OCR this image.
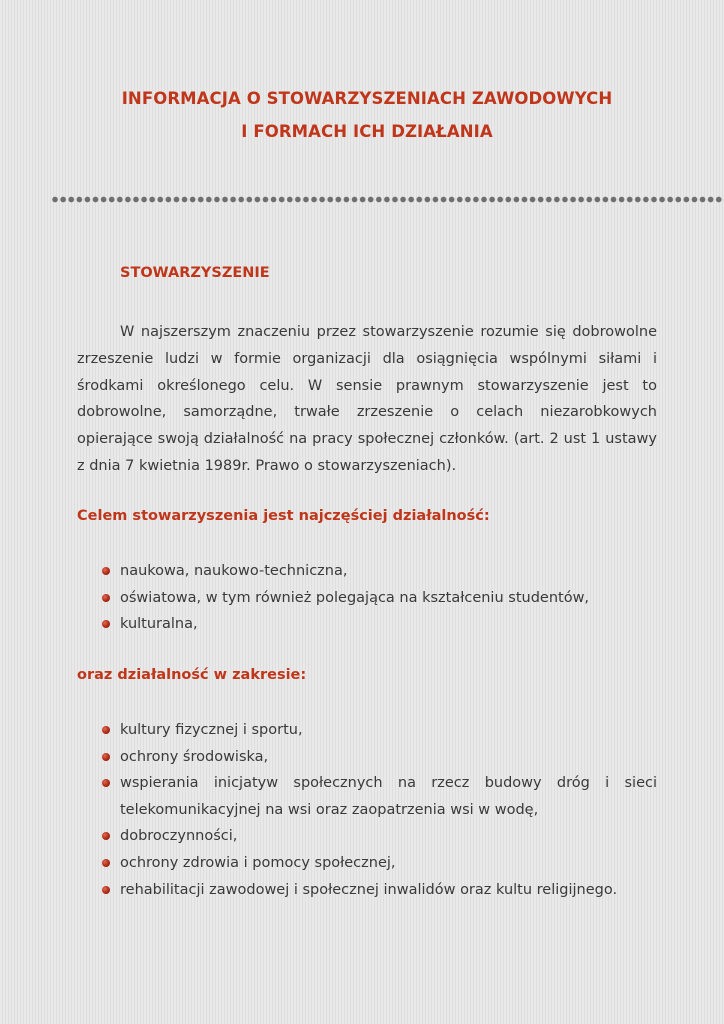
INFORMACJA O STOWARZYSZENIACH ZAWODOWYCH
I FORMACH ICH DZIAŁANIA
STOWARZYSZENIE

W najszerszym znaczeniu przez stowarzyszenie rozumie się dobrowolne zrzeszenie ludzi w formie organizacji dla osiągnięcia wspólnymi siłami i środkami określonego celu. W sensie prawnym stowarzyszenie jest to dobrowolne, samorządne, trwałe zrzeszenie o celach niezarobkowych opierające swoją działalność na pracy społecznej członków. (art. 2 ust 1 ustawy z dnia 7 kwietnia 1989r. Prawo o stowarzyszeniach).

Celem stowarzyszenia jest najczęściej działalność:
naukowa, naukowo-techniczna,
oświatowa, w tym również polegająca na kształceniu studentów,
kulturalna,
oraz działalność w zakresie:
kultury fizycznej i sportu,
ochrony środowiska,
wspierania inicjatyw społecznych na rzecz budowy dróg i sieci
telekomunikacyjnej na wsi oraz zaopatrzenia wsi w wodę,
dobroczynności,
ochrony zdrowia i pomocy społecznej,
rehabilitacji zawodowej i społecznej inwalidów oraz kultu religijnego.
